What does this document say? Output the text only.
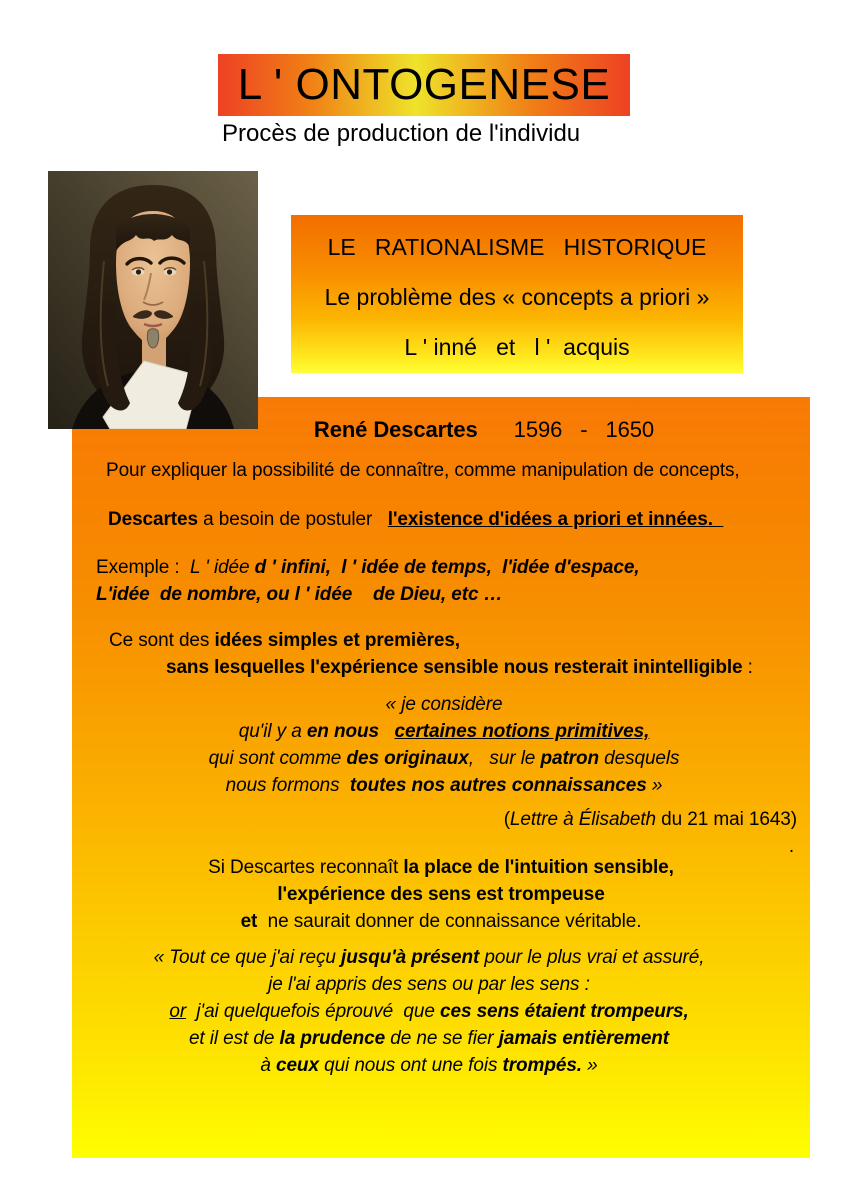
L ' ONTOGENESE
Procès de production de l'individu
LE   RATIONALISME   HISTORIQUE
Le problème des « concepts a priori »
L ' inné   et   l '  acquis
René Descartes      1596   -   1650
Pour expliquer la possibilité de connaître, comme manipulation de concepts,
Descartes a besoin de postuler   l'existence d'idées a priori et innées.
Exemple :  L ' idée d ' infini,  l ' idée de temps,  l'idée d'espace,
L'idée  de nombre, ou l ' idée    de Dieu, etc …
Ce sont des idées simples et premières,
sans lesquelles l'expérience sensible nous resterait inintelligible :
« je considère
qu'il y a en nous certaines notions primitives,
qui sont comme des originaux,   sur le patron desquels
nous formons  toutes nos autres connaissances »
(Lettre à Élisabeth du 21 mai 1643)
.
Si Descartes reconnaît la place de l'intuition sensible,
l'expérience des sens est trompeuse
et  ne saurait donner de connaissance véritable.
« Tout ce que j'ai reçu jusqu'à présent pour le plus vrai et assuré,
je l'ai appris des sens ou par les sens :
or  j'ai quelquefois éprouvé  que ces sens étaient trompeurs,
et il est de la prudence de ne se fier jamais entièrement
à ceux qui nous ont une fois trompés. »
